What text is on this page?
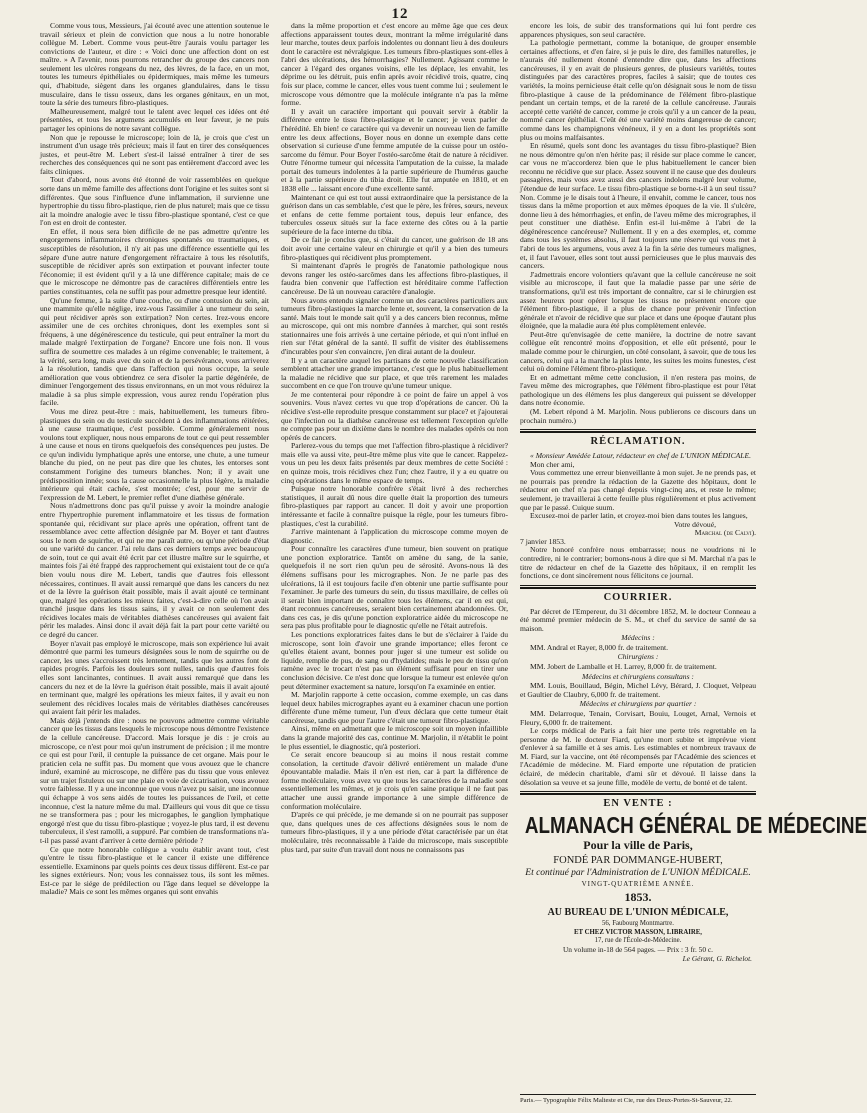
12

Comme vous tous, Messieurs, j'ai écouté avec une attention soutenue le travail sérieux et plein de conviction que nous a lu notre honorable collègue M. Lebert. Comme vous peut-être j'aurais voulu partager les convictions de l'auteur, et dire : « Voici donc une affection dont on est maître. » A l'avenir, nous pourrons retrancher du groupe des cancers non seulement les ulcères rongeans du nez, des lèvres, de la face, en un mot, toutes les tumeurs épithéliales ou épidermiques, mais même les tumeurs qui, d'habitude, siègent dans les organes glandulaires, dans le tissu musculaire, dans le tissu osseux, dans les organes génitaux, en un mot, toute la série des tumeurs fibro-plastiques.

Malheureusement, malgré tout le talent avec lequel ces idées ont été présentées, et tous les argumens accumulés en leur faveur, je ne puis partager les opinions de notre savant collègue.

Non que je repousse le microscope; loin de là, je crois que c'est un instrument d'un usage très précieux; mais il faut en tirer des conséquences justes, et peut-être M. Lebert s'est-il laissé entraîner à tirer de ses recherches des conséquences qui ne sont pas entièrement d'accord avec les faits cliniques.

Tout d'abord, nous avons été étonné de voir rassemblées en quelque sorte dans un même famille des affections dont l'origine et les suites sont si différentes. Que sous l'influence d'une inflammation, il survienne une hypertrophie du tissu fibro-plastique, rien de plus naturel; mais que ce tissu ait la moindre analogie avec le tissu fibro-plastique spontané, c'est ce que l'on est en droit de contester.

En effet, il nous sera bien difficile de ne pas admettre qu'entre les engorgemens inflammatoires chroniques spontanés ou traumatiques, et susceptibles de résolution, il n'y ait pas une différence essentielle qui les sépare d'une autre nature d'engorgement réfractaire à tous les résolutifs, susceptible de récidiver après son extirpation et pouvant infecter toute l'économie; il est évident qu'il y a là une différence capitale; mais de ce que le microscope ne démontre pas de caractères différentiels entre les parties constituantes, cela ne suffit pas pour admettre presque leur identité.

Qu'une femme, à la suite d'une couche, ou d'une contusion du sein, ait une mammite qu'elle néglige, irez-vous l'assimiler à une tumeur du sein, qui peut récidiver après son extirpation? Non certes. Irez-vous encore assimiler une de ces orchites chroniques, dont les exemples sont si fréquens, à une dégénérescence du testicule, qui peut entraîner la mort du malade malgré l'extirpation de l'organe? Encore une fois non. Il vous suffira de soumettre ces malades à un régime convenable; le traitement, à la vérité, sera long, mais avec du soin et de la persévérance, vous arriverez à la résolution, tandis que dans l'affection qui nous occupe, la seule amélioration que vous obtiendrez ce sera d'isoler la partie dégénérée, de diminuer l'engorgement des tissus environnans, en un mot vous réduirez la maladie à sa plus simple expression, vous aurez rendu l'opération plus facile.

Vous me direz peut-être : mais, habituellement, les tumeurs fibro-plastiques du sein ou du testicule succèdent à des inflammations réitérées, à une cause traumatique, c'est possible. Comme généralement nous voulons tout expliquer, nous nous emparons de tout ce qui peut ressembler à une cause et nous en tirons quelquefois des conséquences peu justes. De ce qu'un individu lymphatique après une entorse, une chute, a une tumeur blanche du pied, on ne peut pas dire que les chutes, les entorses sont constamment l'origine des tumeurs blanches. Non; il y avait une prédisposition innée; sous la cause occasionnelle la plus légère, la maladie intérieure qui était cachée, s'est montrée; c'est, pour me servir de l'expression de M. Lebert, le premier reflet d'une diathèse générale.

Nous n'admettrons donc pas qu'il puisse y avoir la moindre analogie entre l'hypertrophie purement inflammatoire et les tissus de formation spontanée qui, récidivant sur place après une opération, offrent tant de ressemblance avec cette affection désignée par M. Boyer et tant d'autres sous le nom de squirrhe, et qui ne me paraît autre, ou qu'une période d'état ou une variété du cancer. J'ai relu dans ces derniers temps avec beaucoup de soin, tout ce qui avait été écrit par cet illustre maître sur le squirrhe, et maintes fois j'ai été frappé des rapprochement qui existaient tout de ce qu'a bien voulu nous dire M. Lebert, tandis que d'autres fois ellessont nécessaires, continues. Il avait aussi remarqué que dans les cancers du nez et de la lèvre la guérison était possible, mais il avait ajouté ce terminant que, malgré les opérations les mieux faites, c'est-à-dire celle où l'on avait tranché jusque dans les tissus sains, il y avait ce non seulement des récidives locales mais de véritables diathèses cancéreuses qui avaient fait périr les malades. Ainsi donc il avait déjà fait la part pour cette variété ou ce degré du cancer.

Boyer n'avait pas employé le microscope, mais son expérience lui avait démontré que parmi les tumeurs désignées sous le nom de squirrhe ou de cancer, les unes s'accroissent très lentement, tandis que les autres font de rapides progrès. Parfois les douleurs sont nulles, tandis que d'autres fois elles sont lancinantes, continues. Il avait aussi remarqué que dans les cancers du nez et de la lèvre la guérison était possible, mais il avait ajouté en terminant que, malgré les opérations les mieux faites, il y avait eu non seulement des récidives locales mais de véritables diathèses cancéreuses qui avaient fait périr les malades.

Mais déjà j'entends dire : nous ne pouvons admettre comme véritable cancer que les tissus dans lesquels le microscope nous démontre l'existence de la cellule cancéreuse. D'accord. Mais lorsque je dis : je crois au microscope, ce n'est pour moi qu'un instrument de précision ; il me montre ce qui est pour l'œil, il centuple la puissance de cet organe. Mais pour le praticien cela ne suffit pas. Du moment que vous avouez que le chancre induré, examiné au microscope, ne diffère pas du tissu que vous enlevez sur un trajet fistuleux ou sur une plaie en voie de cicatrisation, vous avouez votre faiblesse. Il y a une inconnue que vous n'avez pu saisir, une inconnue qui échappe à vos sens aidés de toutes les puissances de l'œil, et cette inconnue, c'est la nature même du mal. D'ailleurs qui vous dit que ce tissu ne se transformera pas ; pour les microgaphes, le ganglion lymphatique engorgé n'est que du tissu fibro-plastique ; voyez-le plus tard, il est devenu tuberculeux, il s'est ramolli, a suppuré. Par combien de transformations n'a-t-il pas passé avant d'arriver à cette dernière période ?

Ce que notre honorable collègue a voulu établir avant tout, c'est qu'entre le tissu fibro-plastique et le cancer il existe une différence essentielle. Examinons par quels points ces deux tissus diffèrent. Est-ce par les signes extérieurs. Non; vous les connaissez tous, ils sont les mêmes. Est-ce par le siége de prédilection ou l'âge dans lequel se développe la maladie? Mais ce sont les mêmes organes qui sont envahis

dans la même proportion et c'est encore au même âge que ces deux affections apparaissent toutes deux, montrant la même irrégularité dans leur marche, toutes deux parfois indolentes ou donnant lieu à des douleurs dont le caractère est névralgique. Les tumeurs fibro-plastiques sont-elles à l'abri des ulcérations, des hémorrhagies? Nullement. Agissant comme le cancer à l'égard des organes voisins, elle les déplace, les envahit, les déprime ou les détruit, puis enfin après avoir récidivé trois, quatre, cinq fois sur place, comme le cancer, elles vous tuent comme lui ; seulement le microscope vous démontre que la molécule intégrante n'a pas la même forme.

Il y avait un caractère important qui pouvait servir à établir la différence entre le tissu fibro-plastique et le cancer; je veux parler de l'hérédité. Eh bien! ce caractère qui va devenir un nouveau lien de famille entre les deux affections, Boyer nous en donne un exemple dans cette observation si curieuse d'une femme amputée de la cuisse pour un ostéo-sarcome du fémur. Pour Boyer l'ostéo-sarcôme était de nature à récidiver. Outre l'énorme tumeur qui nécessita l'amputation de la cuisse, la malade portait des tumeurs indolentes à la partie supérieure de l'humérus gauche et à la partie supérieure du tibia droit. Elle fut amputée en 1810, et en 1838 elle ... laissant encore d'une excellente santé.

Maintenant ce qui est tout aussi extraordinaire que la persistance de la guérison dans un cas semblable, c'est que le père, les frères, sœurs, neveux et enfans de cette femme portaient tous, depuis leur enfance, des tubercules osseux situés sur la face externe des côtes ou à la partie supérieure de la face interne du tibia.

De ce fait je conclus que, si c'était du cancer, une guérison de 18 ans doit avoir une certaine valeur en chirurgie et qu'il y a bien des tumeurs fibro-plastiques qui récidivent plus promptement.

Si maintenant d'après le progrès de l'anatomie pathologique nous devons ranger les ostéo-sarcômes dans les affections fibro-plastiques, il faudra bien convenir que l'affection est héréditaire comme l'affection cancéreuse. De là un nouveau caractère d'analogie.

Nous avons entendu signaler comme un des caractères particuliers aux tumeurs fibro-plastiques la marche lente et, souvent, la conservation de la santé. Mais tout le monde sait qu'il y a des cancers bien reconnus, même au microscope, qui ont mis nombre d'années à marcher, qui sont restés stationnaires une fois arrivés à une certaine période, et qui n'ont influé en rien sur l'état général de la santé. Il suffit de visiter des établissemens d'incurables pour s'en convaincre, j'en dirai autant de la douleur.

Il y a un caractère auquel les partisans de cette nouvelle classification semblent attacher une grande importance, c'est que le plus habituellement la maladie ne récidive que sur place, et que très rarement les malades succombent en ce que l'on trouve qu'une tumeur unique.

Je me contenterai pour répondre à ce point de faire un appel à vos souvenirs. Vous n'avez certes vu que trop d'opérations de cancer. Où la récidive s'est-elle reproduite presque constamment sur place? et j'ajouterai que l'infection ou la diathèse cancéreuse est tellement l'exception qu'elle ne compte pas pour un dixième dans le nombre des malades opérés ou non opérés de cancers.

Parlerez-vous du temps que met l'affection fibro-plastique à récidiver? mais elle va aussi vite, peut-être même plus vite que le cancer. Rappelez-vous un peu les deux faits présentés par deux membres de cette Société : en quinze mois, trois récidives chez l'un; chez l'autre, il y a eu quatre ou cinq opérations dans le même espace de temps.

Puisque notre honorable confrère s'était livré à des recherches statistiques, il aurait dû nous dire quelle était la proportion des tumeurs fibro-plastiques par rapport au cancer. Il doit y avoir une proportion intéressante et facile à connaître puisque la règle, pour les tumeurs fibro-plastiques, c'est la curabilité.

J'arrive maintenant à l'application du microscope comme moyen de diagnostic.

Pour connaître les caractères d'une tumeur, bien souvent on pratique une ponction exploratrice. Tantôt on amène du sang, de la sanie, quelquefois il ne sort rien qu'un peu de sérosité. Avons-nous là des élémens suffisans pour les micrographes. Non. Je ne parle pas des ulcérations, là il est toujours facile d'en obtenir une partie suffisante pour l'examiner. Je parle des tumeurs du sein, du tissus maxillaire, de celles où il serait bien important de connaître tous les élémens, car il en est qui, étant reconnues cancéreuses, seraient bien certainement abandonnées. Or, dans ces cas, je dis qu'une ponction exploratrice aidée du microscope ne sera pas plus profitable pour le diagnostic qu'elle ne l'était autrefois.

Les ponctions exploratrices faites dans le but de s'éclairer à l'aide du microscope, sont loin d'avoir une grande importance; elles feront ce qu'elles étaient avant, bonnes pour juger si une tumeur est solide ou liquide, remplie de pus, de sang ou d'hydatides; mais le peu de tissu qu'on ramène avec le trocart n'est pas un élément suffisant pour en tirer une conclusion décisive. Ce n'est donc que lorsque la tumeur est enlevée qu'on peut déterminer exactement sa nature, lorsqu'on l'a examinée en entier.

M. Marjolin rapporte à cette occasion, comme exemple, un cas dans lequel deux habiles micrographes ayant eu à examiner chacun une portion différente d'une même tumeur, l'un d'eux déclara que cette tumeur était cancéreuse, tandis que pour l'autre c'était une tumeur fibro-plastique.

Ainsi, même en admettant que le microscope soit un moyen infaillible dans la grande majorité des cas, continue M. Marjolin, il n'établit le point le plus essentiel, le diagnostic, qu'à posteriori.

Ce serait encore beaucoup si au moins il nous restait comme consolation, la certitude d'avoir délivré entièrement un malade d'une épouvantable maladie. Mais il n'en est rien, car à part la différence de forme moléculaire, vous avez vu que tous les caractères de la maladie sont essentiellement les mêmes, et je crois qu'en saine pratique il ne faut pas attacher une aussi grande importance à une simple différence de conformation moléculaire.

D'après ce qui précède, je me demande si on ne pourrait pas supposer que, dans quelques unes de ces affections désignées sous le nom de tumeurs fibro-plastiques, il y a une période d'état caractérisée par un état moléculaire, très reconnaissable à l'aide du microscope, mais susceptible plus tard, par suite d'un travail dont nous ne connaissons pas

encore les lois, de subir des transformations qui lui font perdre ces apparences physiques, son seul caractère.

La pathologie permettant, comme la botanique, de grouper ensemble certaines affections, et d'en faire, si je puis le dire, des familles naturelles, je n'aurais été nullement étonné d'entendre dire que, dans les affections cancéreuses, il y en avait de plusieurs genres, de plusieurs variétés, toutes distinguées par des caractères propres, faciles à saisir; que de toutes ces variétés, la moins pernicieuse était celle qu'on désignait sous le nom de tissu fibro-plastique à cause de la prédominance de l'élément fibro-plastique pendant un certain temps, et de la rareté de la cellule cancéreuse. J'aurais accepté cette variété de cancer, comme je crois qu'il y a un cancer de la peau, nommé cancer épithélial. C'eût été une variété moins dangereuse de cancer; comme dans les champignons vénéneux, il y en a dont les propriétés sont plus ou moins malfaisantes.

En résumé, quels sont donc les avantages du tissu fibro-plastique? Bien ne nous démontre qu'on n'en hérite pas; il réside sur place comme le cancer, car vous ne m'accorderez bien que le plus habituellement le cancer bien reconnu ne récidive que sur place. Assez souvent il ne cause que des douleurs passagères, mais vous avez aussi des cancers indolens malgré leur volume, j'étendue de leur surface. Le tissu fibro-plastique se borne-t-il à un seul tissu? Non. Comme je le disais tout à l'heure, il envahit, comme le cancer, tous nos tissus dans la même proportion et aux mêmes époques de la vie. Il s'ulcère, donne lieu à des hémorrhagies, et enfin, de l'aveu même des micrographes, il peut constituer une diathèse. Enfin est-il lui-même à l'abri de la dégénérescence cancéreuse? Nullement. Il y en a des exemples, et, comme dans tous les systèmes absolus, il faut toujours une réserve qui vous met à l'abri de tous les argumens, vous avez à la fin la série des tumeurs malignes, et, il faut l'avouer, elles sont tout aussi pernicieuses que le plus mauvais des cancers.

J'admettrais encore volontiers qu'avant que la cellule cancéreuse ne soit visible au microscope, il faut que la maladie passe par une série de transformations, qu'il est très important de connaître, car si le chirurgien est assez heureux pour opérer lorsque les tissus ne présentent encore que l'élément fibro-plastique, il a plus de chance pour prévenir l'infection générale et n'avoir de récidive que sur place et dans une époque d'autant plus éloignée, que la maladie aura été plus complètement enlevée.

Peut-être qu'envisagée de cette manière, la doctrine de notre savant collègue eût rencontré moins d'opposition, et elle eût présenté, pour le malade comme pour le chirurgien, un côté consolant, à savoir, que de tous les cancers, celui qui a la marche la plus lente, les suites les moins funestes, c'est celui où domine l'élément fibro-plastique.

Et en admettant même cette conclusion, il n'en restera pas moins, de l'aveu même des micrographes, que l'élément fibro-plastique est pour l'état pathologique un des élémens les plus dangereux qui puissent se développer dans notre économie.

(M. Lebert répond à M. Marjolin. Nous publierons ce discours dans un prochain numéro.)

RÉCLAMATION.

« Monsieur Amédée Latour, rédacteur en chef de L'UNION MÉDICALE.

Mon cher ami,

Vous commettez une erreur bienveillante à mon sujet. Je ne prends pas, et ne pourrais pas prendre la rédaction de la Gazette des hôpitaux, dont le rédacteur en chef n'a pas changé depuis vingt-cinq ans, et reste le même; seulement, je travaillerai à cette feuille plus régulièrement et plus activement que par le passé. Cuique suum.

Excusez-moi de parler latin, et croyez-moi bien dans toutes les langues,

Votre dévoué,

Marchal (de Calvi).

7 janvier 1853.

Notre honoré confrère nous embarrasse; nous ne voudrions ni le contredire, ni le contrarier; bornons-nous à dire que si M. Marchal n'a pas le titre de rédacteur en chef de la Gazette des hôpitaux, il en remplit les fonctions, ce dont sincèrement nous félicitons ce journal.

COURRIER.

Par décret de l'Empereur, du 31 décembre 1852, M. le docteur Conneau a été nommé premier médecin de S. M., et chef du service de santé de sa maison.

Médecins :

MM. Andral et Rayer, 8,000 fr. de traitement.

Chirurgiens :

MM. Jobert de Lamballe et H. Larrey, 8,000 fr. de traitement.

Médecins et chirurgiens consultans :

MM. Louis, Bouillaud, Bégin, Michel Lévy, Bérard, J. Cloquet, Velpeau et Gaultier de Claubry, 6,000 fr. de traitement.

Médecins et chirurgiens par quartier :

MM. Delarroque, Tenain, Corvisart, Bouiu, Louget, Arnal, Vernois et Fleury, 6,000 fr. de traitement.

Le corps médical de Paris a fait hier une perte très regrettable en la personne de M. le docteur Fiard, qu'une mort subite et imprévue vient d'enlever à sa famille et à ses amis. Les estimables et nombreux travaux de M. Fiard, sur la vaccine, ont été récompensés par l'Académie des sciences et l'Académie de médecine. M. Fiard emporte une réputation de praticien éclairé, de médecin charitable, d'ami sûr et dévoué. Il laisse dans la désolation sa veuve et sa jeune fille, modèle de vertu, de bonté et de talent.

EN VENTE :
ALMANACH GÉNÉRAL DE MÉDECINE
Pour la ville de Paris,
FONDÉ PAR DOMMANGE-HUBERT,
Et continué par l'Administration de L'UNION MÉDICALE.
VINGT-QUATRIÈME ANNÉE.
1853.
AU BUREAU DE L'UNION MÉDICALE,
56, Faubourg Montmartre.
ET CHEZ VICTOR MASSON, LIBRAIRE,
17, rue de l'École-de-Médecine.
Un volume in-18 de 564 pages. — Prix : 3 fr. 50 c.
Le Gérant, G. Richelot.
Paris.— Typographie Félix Malteste et Cie, rue des Deux-Portes-St-Sauveur, 22.
